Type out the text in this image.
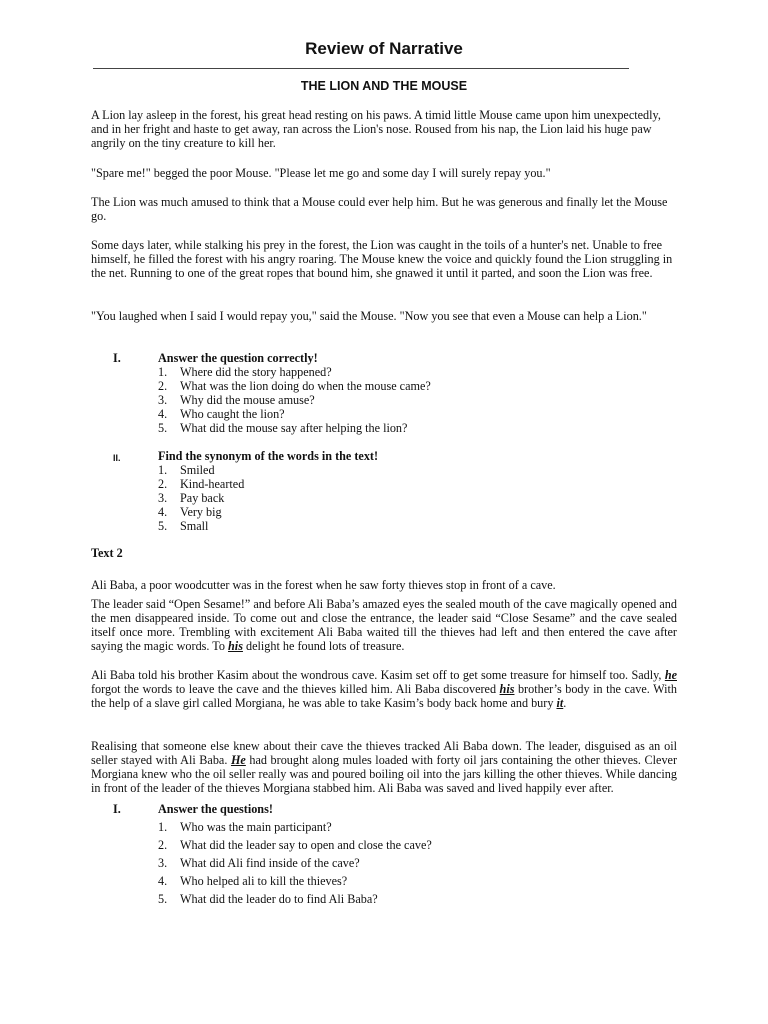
Review of Narrative
THE LION AND THE MOUSE

A Lion lay asleep in the forest, his great head resting on his paws. A timid little Mouse came upon him unexpectedly, and in her fright and haste to get away, ran across the Lion's nose. Roused from his nap, the Lion laid his huge paw angrily on the tiny creature to kill her.

"Spare me!" begged the poor Mouse. "Please let me go and some day I will surely repay you."

The Lion was much amused to think that a Mouse could ever help him. But he was generous and finally let the Mouse go.

Some days later, while stalking his prey in the forest, the Lion was caught in the toils of a hunter's net. Unable to free himself, he filled the forest with his angry roaring. The Mouse knew the voice and quickly found the Lion struggling in the net. Running to one of the great ropes that bound him, she gnawed it until it parted, and soon the Lion was free.

"You laughed when I said I would repay you," said the Mouse. "Now you see that even a Mouse can help a Lion."

I.	Answer the question correctly!
1. Where did the story happened?
2. What was the lion doing do when the mouse came?
3. Why did the mouse amuse?
4. Who caught the lion?
5. What did the mouse say after helping the lion?
II.	Find the synonym of the words in the text!
1. Smiled
2. Kind-hearted
3. Pay back
4. Very big
5. Small
Text 2

Ali Baba, a poor woodcutter was in the forest when he saw forty thieves stop in front of a cave.

The leader said “Open Sesame!” and before Ali Baba’s amazed eyes the sealed mouth of the cave magically opened and the men disappeared inside. To come out and close the entrance, the leader said “Close Sesame” and the cave sealed itself once more. Trembling with excitement Ali Baba waited till the thieves had left and then entered the cave after saying the magic words. To his delight he found lots of treasure.

Ali Baba told his brother Kasim about the wondrous cave. Kasim set off to get some treasure for himself too. Sadly, he forgot the words to leave the cave and the thieves killed him. Ali Baba discovered his brother’s body in the cave. With the help of a slave girl called Morgiana, he was able to take Kasim’s body back home and bury it.

Realising that someone else knew about their cave the thieves tracked Ali Baba down. The leader, disguised as an oil seller stayed with Ali Baba. He had brought along mules loaded with forty oil jars containing the other thieves. Clever Morgiana knew who the oil seller really was and poured boiling oil into the jars killing the other thieves. While dancing in front of the leader of the thieves Morgiana stabbed him. Ali Baba was saved and lived happily ever after.

I.	Answer the questions!
1. Who was the main participant?
2. What did the leader say to open and close the cave?
3. What did Ali find inside of the cave?
4. Who helped ali to kill the thieves?
5. What did the leader do to find Ali Baba?
